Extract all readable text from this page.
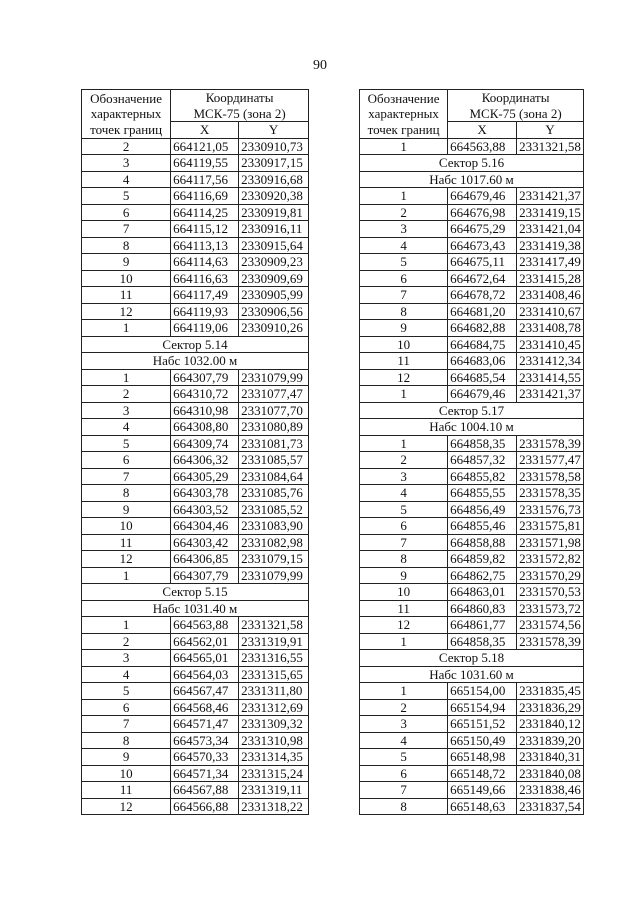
90
Обозначение
характерных
точек границ	Координаты	
	МСК-75 (зона 2)	
	X	Y
2	664121,05	2330910,73
3	664119,55	2330917,15
4	664117,56	2330916,68
5	664116,69	2330920,38
6	664114,25	2330919,81
7	664115,12	2330916,11
8	664113,13	2330915,64
9	664114,63	2330909,23
10	664116,63	2330909,69
11	664117,49	2330905,99
12	664119,93	2330906,56
1	664119,06	2330910,26
Сектор 5.14		
Набс 1032.00 м		
1	664307,79	2331079,99
2	664310,72	2331077,47
3	664310,98	2331077,70
4	664308,80	2331080,89
5	664309,74	2331081,73
6	664306,32	2331085,57
7	664305,29	2331084,64
8	664303,78	2331085,76
9	664303,52	2331085,52
10	664304,46	2331083,90
11	664303,42	2331082,98
12	664306,85	2331079,15
1	664307,79	2331079,99
Сектор 5.15		
Набс 1031.40 м		
1	664563,88	2331321,58
2	664562,01	2331319,91
3	664565,01	2331316,55
4	664564,03	2331315,65
5	664567,47	2331311,80
6	664568,46	2331312,69
7	664571,47	2331309,32
8	664573,34	2331310,98
9	664570,33	2331314,35
10	664571,34	2331315,24
11	664567,88	2331319,11
12	664566,88	2331318,22
Обозначение
характерных
точек границ	Координаты	
	МСК-75 (зона 2)	
	X	Y
1	664563,88	2331321,58
Сектор 5.16		
Набс 1017.60 м		
1	664679,46	2331421,37
2	664676,98	2331419,15
3	664675,29	2331421,04
4	664673,43	2331419,38
5	664675,11	2331417,49
6	664672,64	2331415,28
7	664678,72	2331408,46
8	664681,20	2331410,67
9	664682,88	2331408,78
10	664684,75	2331410,45
11	664683,06	2331412,34
12	664685,54	2331414,55
1	664679,46	2331421,37
Сектор 5.17		
Набс 1004.10 м		
1	664858,35	2331578,39
2	664857,32	2331577,47
3	664855,82	2331578,58
4	664855,55	2331578,35
5	664856,49	2331576,73
6	664855,46	2331575,81
7	664858,88	2331571,98
8	664859,82	2331572,82
9	664862,75	2331570,29
10	664863,01	2331570,53
11	664860,83	2331573,72
12	664861,77	2331574,56
1	664858,35	2331578,39
Сектор 5.18		
Набс 1031.60 м		
1	665154,00	2331835,45
2	665154,94	2331836,29
3	665151,52	2331840,12
4	665150,49	2331839,20
5	665148,98	2331840,31
6	665148,72	2331840,08
7	665149,66	2331838,46
8	665148,63	2331837,54
